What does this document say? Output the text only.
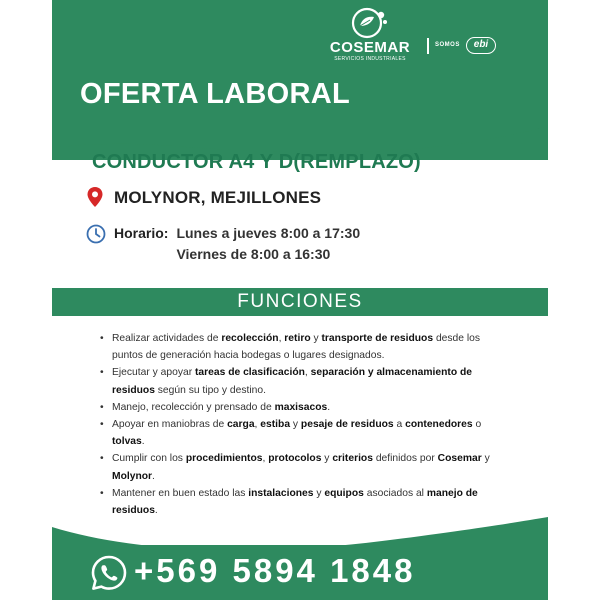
COSEMAR
SERVICIOS INDUSTRIALES
SOMOS	ebi
OFERTA LABORAL
CONDUCTOR A4 Y D(REMPLAZO)
MOLYNOR, MEJILLONES
Horario: Lunes a jueves 8:00 a 17:30
Viernes de 8:00 a 16:30
FUNCIONES
• Realizar actividades de recolección, retiro y transporte de residuos desde los puntos de generación hacia bodegas o lugares designados.
• Ejecutar y apoyar tareas de clasificación, separación y almacenamiento de residuos según su tipo y destino.
• Manejo, recolección y prensado de maxisacos.
• Apoyar en maniobras de carga, estiba y pesaje de residuos a contenedores o tolvas.
• Cumplir con los procedimientos, protocolos y criterios definidos por Cosemar y Molynor.
• Mantener en buen estado las instalaciones y equipos asociados al manejo de residuos.
+569 5894 1848
